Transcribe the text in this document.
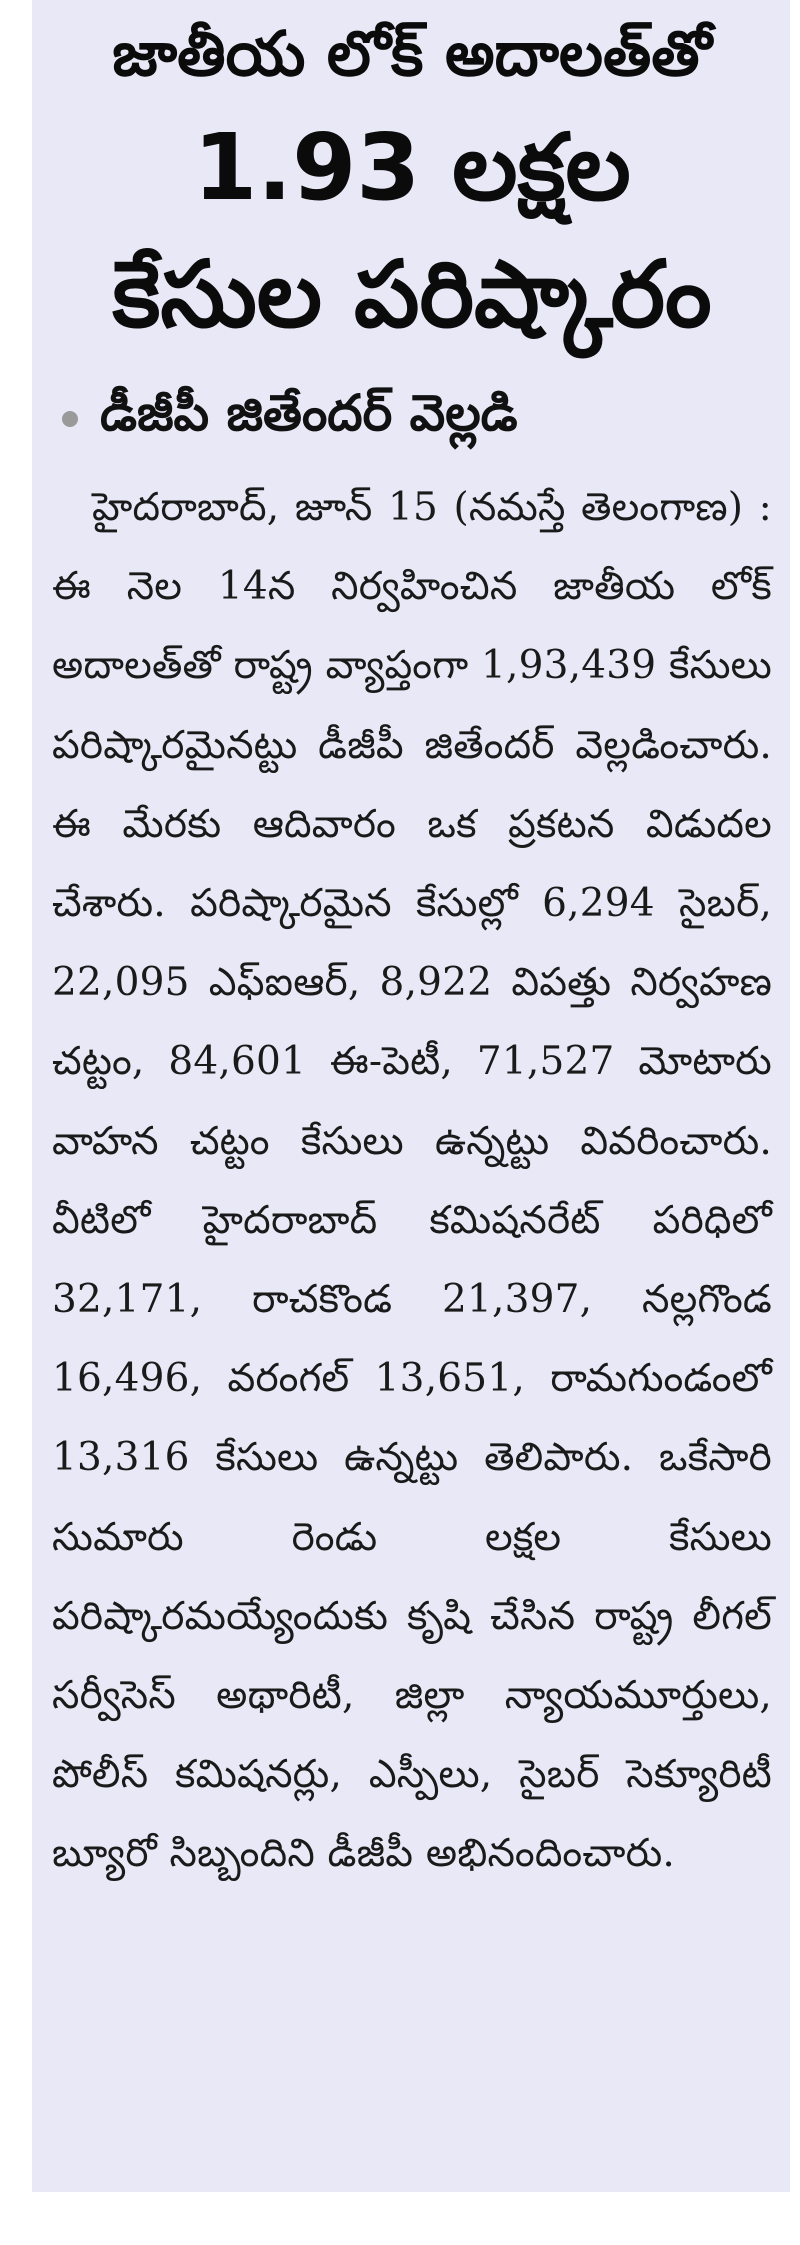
జాతీయ లోక్ అదాలత్‌తో
1.93 లక్షల
కేసుల పరిష్కారం
డీజీపీ జితేందర్ వెల్లడి

హైదరాబాద్, జూన్ 15 (నమస్తే తెలంగాణ) : ఈ నెల 14న నిర్వహించిన జాతీయ లోక్ అదాలత్‌తో రాష్ట్ర వ్యాప్తంగా 1,93,439 కేసులు పరిష్కారమైనట్టు డీజీపీ జితేందర్ వెల్లడించారు. ఈ మేరకు ఆదివారం ఒక ప్రకటన విడుదల చేశారు. పరిష్కారమైన కేసుల్లో 6,294 సైబర్, 22,095 ఎఫ్ఐఆర్, 8,922 విపత్తు నిర్వహణ చట్టం, 84,601 ఈ-పెటీ, 71,527 మోటారు వాహన చట్టం కేసులు ఉన్నట్టు వివరించారు. వీటిలో హైదరాబాద్ కమిషనరేట్ పరిధిలో 32,171, రాచకొండ 21,397, నల్లగొండ 16,496, వరంగల్ 13,651, రామగుండంలో 13,316 కేసులు ఉన్నట్టు తెలిపారు. ఒకేసారి సుమారు రెండు లక్షల కేసులు పరిష్కారమయ్యేందుకు కృషి చేసిన రాష్ట్ర లీగల్ సర్వీసెస్ అథారిటీ, జిల్లా న్యాయమూర్తులు, పోలీస్ కమిషనర్లు, ఎస్పీలు, సైబర్ సెక్యూరిటీ బ్యూరో సిబ్బందిని డీజీపీ అభినందించారు.
